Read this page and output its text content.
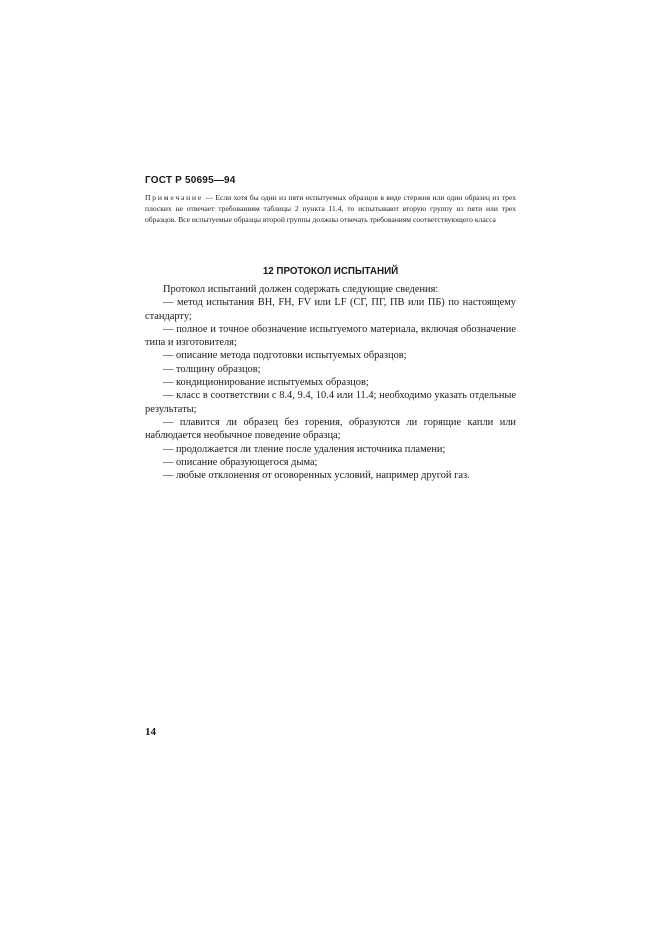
ГОСТ Р 50695—94
Примечание — Если хотя бы один из пяти испытуемых образцов в виде стержня или один образец из трех плоских не отвечает требованиям таблицы 2 пункта 11.4, то испытывают вторую группу из пяти или трех образцов. Все испытуемые образцы второй группы должны отвечать требованиям соответствующего класса
12 ПРОТОКОЛ ИСПЫТАНИЙ

Протокол испытаний должен содержать следующие сведения:

— метод испытания ВН, FH, FV или LF (СГ, ПГ, ПВ или ПБ) по настоящему стандарту;

— полное и точное обозначение испытуемого материала, включая обозначение типа и изготовителя;

— описание метода подготовки испытуемых образцов;

— толщину образцов;

— кондиционирование испытуемых образцов;

— класс в соответствии с 8.4, 9.4, 10.4 или 11.4; необходимо указать отдельные результаты;

— плавится ли образец без горения, образуются ли горящие капли или наблюдается необычное поведение образца;

— продолжается ли тление после удаления источника пламени;

— описание образующегося дыма;

— любые отклонения от оговоренных условий, например другой газ.

14
